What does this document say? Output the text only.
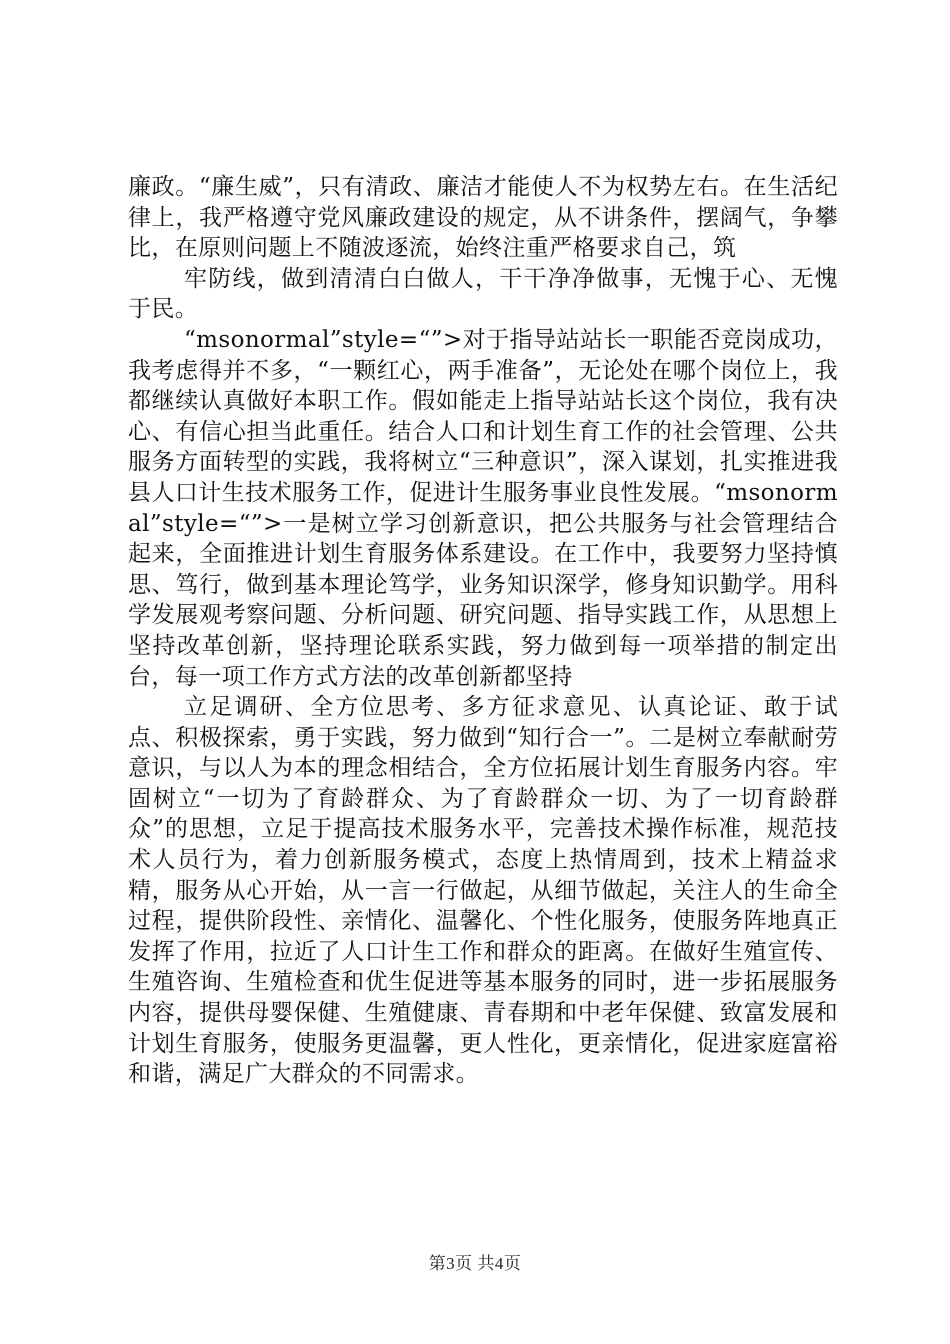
廉政。“廉生威”，只有清政、廉洁才能使人不为权势左右。在生活纪律上，我严格遵守党风廉政建设的规定，从不讲条件，摆阔气，争攀比，在原则问题上不随波逐流，始终注重严格要求自己，筑

牢防线，做到清清白白做人，干干净净做事，无愧于心、无愧于民。

“msonormal”style=“”>对于指导站站长一职能否竞岗成功，我考虑得并不多，“一颗红心，两手准备”，无论处在哪个岗位上，我都继续认真做好本职工作。假如能走上指导站站长这个岗位，我有决心、有信心担当此重任。结合人口和计划生育工作的社会管理、公共服务方面转型的实践，我将树立“三种意识”，深入谋划，扎实推进我县人口计生技术服务工作，促进计生服务事业良性发展。“msonormal”style=“”>一是树立学习创新意识，把公共服务与社会管理结合起来，全面推进计划生育服务体系建设。在工作中，我要努力坚持慎思、笃行，做到基本理论笃学，业务知识深学，修身知识勤学。用科学发展观考察问题、分析问题、研究问题、指导实践工作，从思想上坚持改革创新，坚持理论联系实践，努力做到每一项举措的制定出台，每一项工作方式方法的改革创新都坚持

立足调研、全方位思考、多方征求意见、认真论证、敢于试点、积极探索，勇于实践，努力做到“知行合一”。二是树立奉献耐劳意识，与以人为本的理念相结合，全方位拓展计划生育服务内容。牢固树立“一切为了育龄群众、为了育龄群众一切、为了一切育龄群众”的思想，立足于提高技术服务水平，完善技术操作标准，规范技术人员行为，着力创新服务模式，态度上热情周到，技术上精益求精，服务从心开始，从一言一行做起，从细节做起，关注人的生命全过程，提供阶段性、亲情化、温馨化、个性化服务，使服务阵地真正发挥了作用，拉近了人口计生工作和群众的距离。在做好生殖宣传、生殖咨询、生殖检查和优生促进等基本服务的同时，进一步拓展服务内容，提供母婴保健、生殖健康、青春期和中老年保健、致富发展和计划生育服务，使服务更温馨，更人性化，更亲情化，促进家庭富裕和谐，满足广大群众的不同需求。

第3页 共4页
